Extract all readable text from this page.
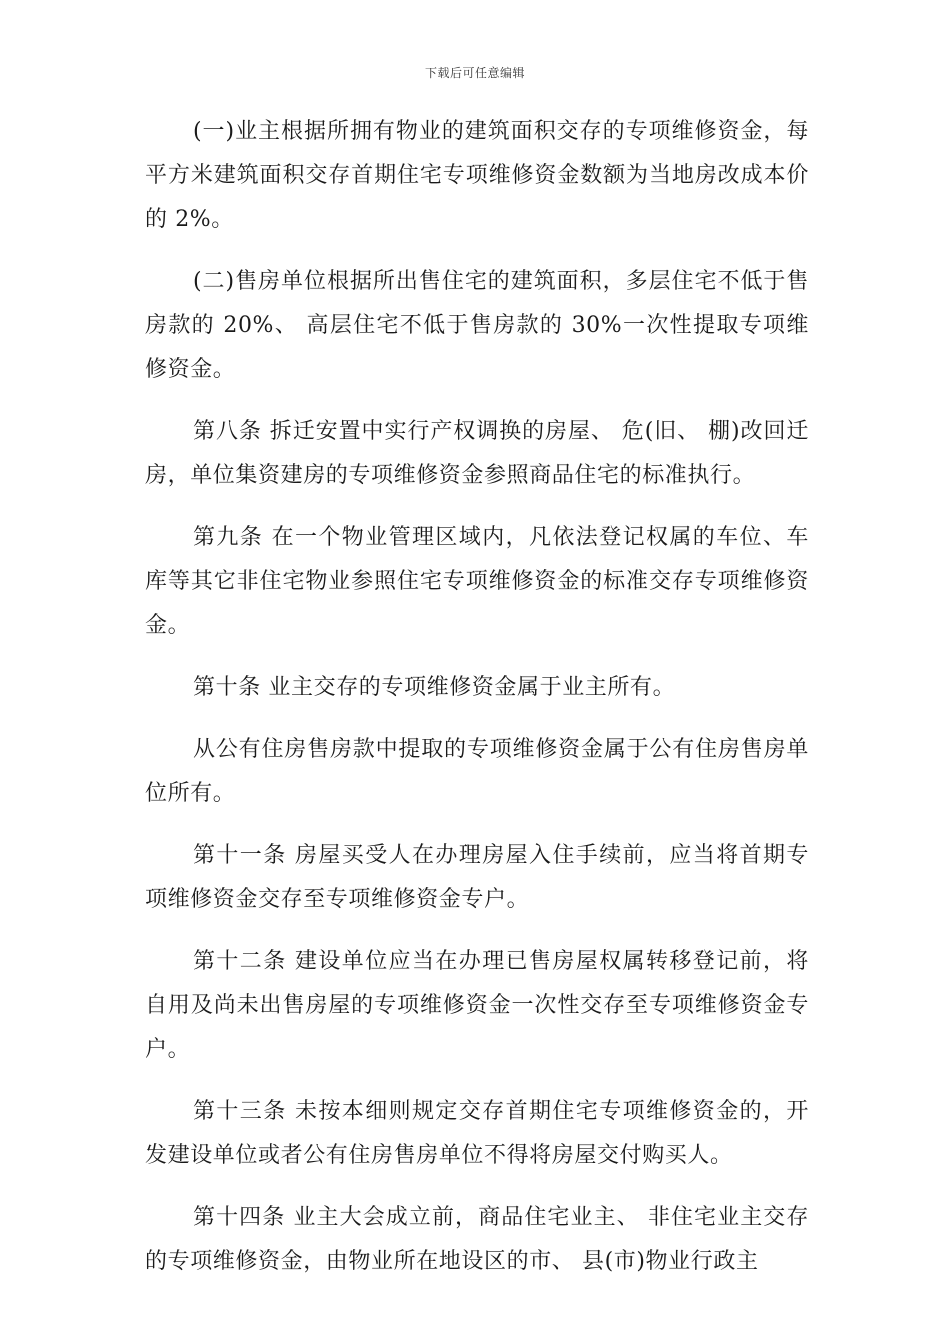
下载后可任意编辑

(一)业主根据所拥有物业的建筑面积交存的专项维修资金，每平方米建筑面积交存首期住宅专项维修资金数额为当地房改成本价的 2%。

(二)售房单位根据所出售住宅的建筑面积，多层住宅不低于售房款的 20%、 高层住宅不低于售房款的 30%一次性提取专项维修资金。

第八条 拆迁安置中实行产权调换的房屋、 危(旧、 棚)改回迁房，单位集资建房的专项维修资金参照商品住宅的标准执行。

第九条 在一个物业管理区域内，凡依法登记权属的车位、车库等其它非住宅物业参照住宅专项维修资金的标准交存专项维修资金。

第十条 业主交存的专项维修资金属于业主所有。

从公有住房售房款中提取的专项维修资金属于公有住房售房单位所有。

第十一条 房屋买受人在办理房屋入住手续前，应当将首期专项维修资金交存至专项维修资金专户。

第十二条 建设单位应当在办理已售房屋权属转移登记前，将自用及尚未出售房屋的专项维修资金一次性交存至专项维修资金专户。

第十三条 未按本细则规定交存首期住宅专项维修资金的，开发建设单位或者公有住房售房单位不得将房屋交付购买人。

第十四条 业主大会成立前，商品住宅业主、 非住宅业主交存的专项维修资金，由物业所在地设区的市、 县(市)物业行政主
